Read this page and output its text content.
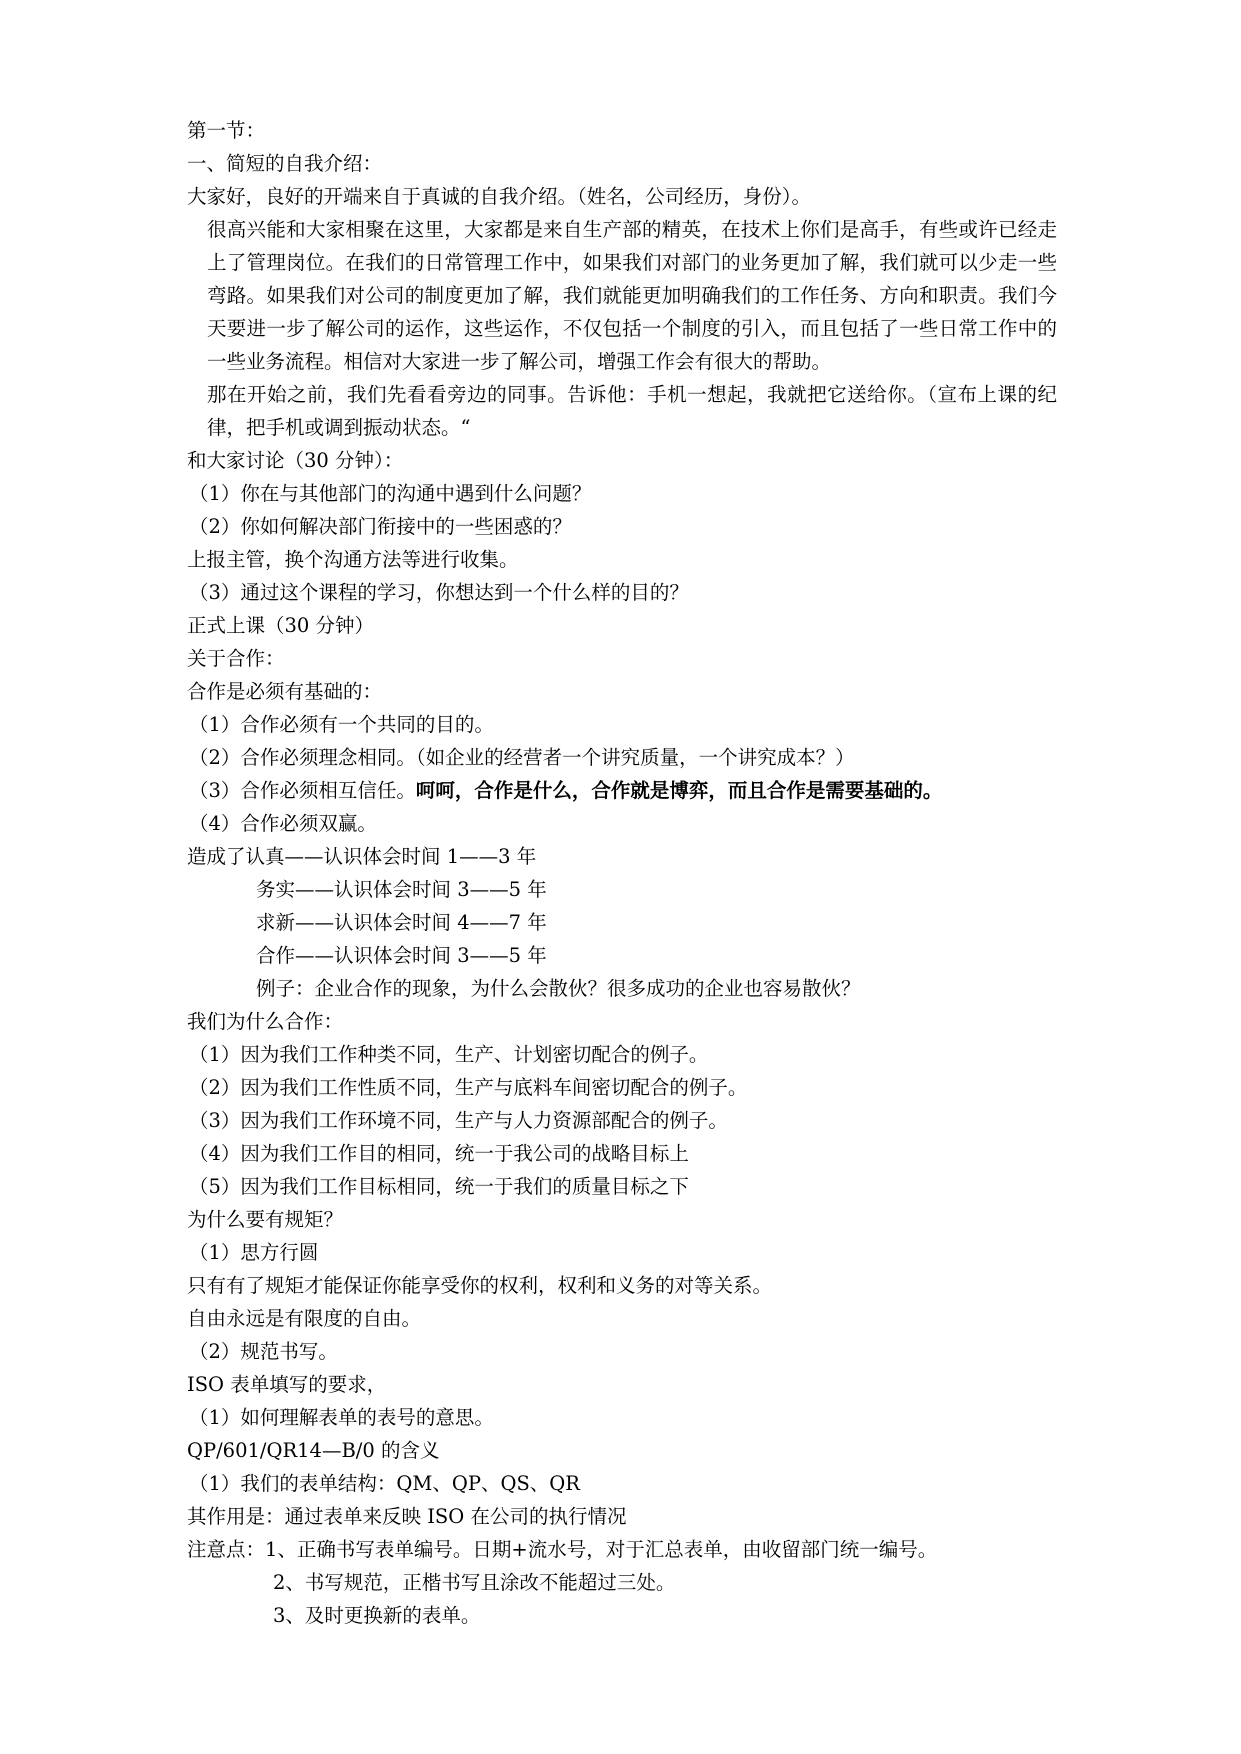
第一节：
一、简短的自我介绍：
大家好，良好的开端来自于真诚的自我介绍。（姓名，公司经历，身份）。
很高兴能和大家相聚在这里，大家都是来自生产部的精英，在技术上你们是高手，有些或许已经走上了管理岗位。在我们的日常管理工作中，如果我们对部门的业务更加了解，我们就可以少走一些弯路。如果我们对公司的制度更加了解，我们就能更加明确我们的工作任务、方向和职责。我们今天要进一步了解公司的运作，这些运作，不仅包括一个制度的引入，而且包括了一些日常工作中的一些业务流程。相信对大家进一步了解公司，增强工作会有很大的帮助。
那在开始之前，我们先看看旁边的同事。告诉他：手机一想起，我就把它送给你。（宣布上课的纪律，把手机或调到振动状态。“
和大家讨论（30 分钟）：
（1）你在与其他部门的沟通中遇到什么问题？
（2）你如何解决部门衔接中的一些困惑的？
上报主管，换个沟通方法等进行收集。
（3）通过这个课程的学习，你想达到一个什么样的目的？
正式上课（30 分钟）
关于合作：
合作是必须有基础的：
（1）合作必须有一个共同的目的。
（2）合作必须理念相同。（如企业的经营者一个讲究质量，一个讲究成本？）
（3）合作必须相互信任。呵呵，合作是什么，合作就是博弈，而且合作是需要基础的。
（4）合作必须双赢。
造成了认真——认识体会时间 1——3 年
务实——认识体会时间 3——5 年
求新——认识体会时间 4——7 年
合作——认识体会时间 3——5 年
例子：企业合作的现象，为什么会散伙？很多成功的企业也容易散伙？
我们为什么合作：
（1）因为我们工作种类不同，生产、计划密切配合的例子。
（2）因为我们工作性质不同，生产与底料车间密切配合的例子。
（3）因为我们工作环境不同，生产与人力资源部配合的例子。
（4）因为我们工作目的相同，统一于我公司的战略目标上
（5）因为我们工作目标相同，统一于我们的质量目标之下
为什么要有规矩？
（1）思方行圆
只有有了规矩才能保证你能享受你的权利，权利和义务的对等关系。
自由永远是有限度的自由。
（2）规范书写。
ISO 表单填写的要求，
（1）如何理解表单的表号的意思。
QP/601/QR14—B/0 的含义
（1）我们的表单结构：QM、QP、QS、QR
其作用是：通过表单来反映 ISO 在公司的执行情况
注意点：1、正确书写表单编号。日期+流水号，对于汇总表单，由收留部门统一编号。
2、书写规范，正楷书写且涂改不能超过三处。
3、及时更换新的表单。
